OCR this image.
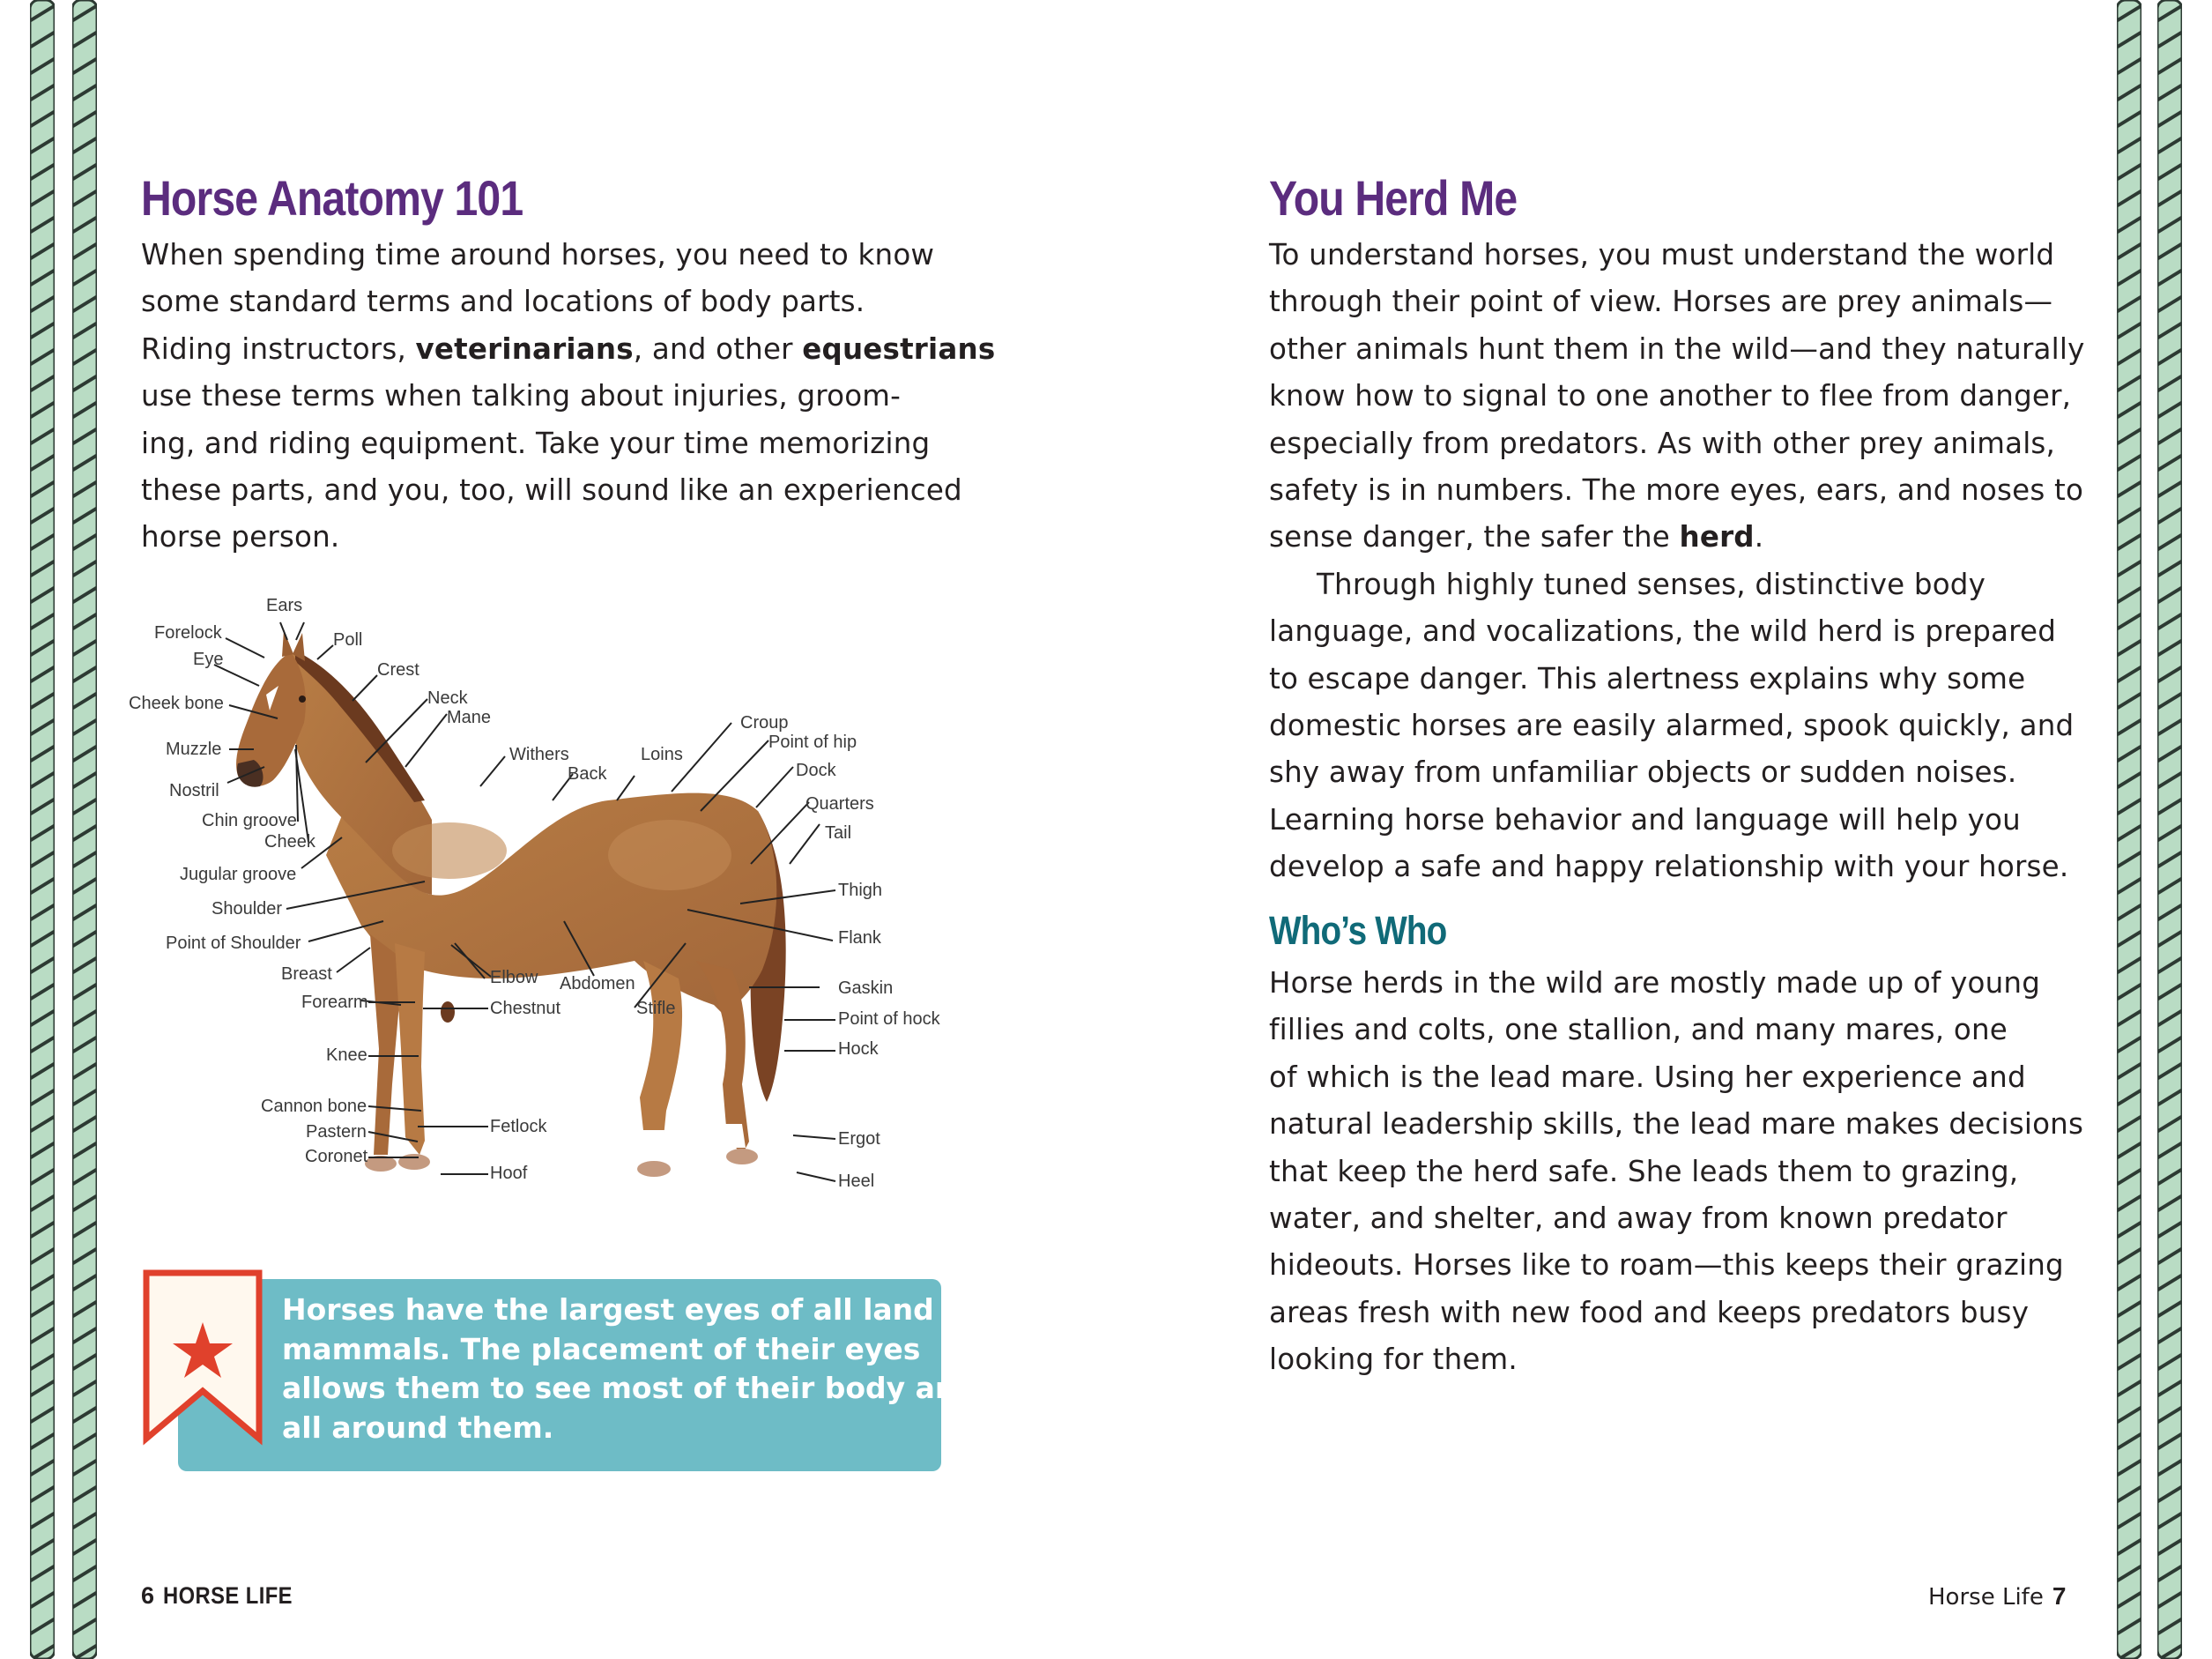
Horse Anatomy 101

When spending time around horses, you need to know
some standard terms and locations of body parts.
Riding instructors, veterinarians, and other equestrians
use these terms when talking about injuries, groom-
ing, and riding equipment. Take your time memorizing
these parts, and you, too, will sound like an experienced
horse person.

Ears
Forelock	Poll
Eye
Crest
Cheek bone	Neck
Mane
Muzzle	Withers
Back
Loins
Croup
Point of hip
Dock
Nostril
Chin groove
Quarters
Cheek	Tail
Jugular groove
Thigh
Shoulder
Point of Shoulder	Flank
Breast	Elbow Abdomen	Gaskin
Forearm	Chestnut	Stifle
Point of hock
Hock
Knee
Cannon bone
Fetlock
Pastern	Ergot
Coronet
Hoof	Heel

Horses have the largest eyes of all land
mammals. The placement of their eyes
allows them to see most of their body and
all around them.

6 HORSE LIFE
You Herd Me

To understand horses, you must understand the world
through their point of view. Horses are prey animals—
other animals hunt them in the wild—and they naturally
know how to signal to one another to flee from danger,
especially from predators. As with other prey animals,
safety is in numbers. The more eyes, ears, and noses to
sense danger, the safer the herd.
Through highly tuned senses, distinctive body
language, and vocalizations, the wild herd is prepared
to escape danger. This alertness explains why some
domestic horses are easily alarmed, spook quickly, and
shy away from unfamiliar objects or sudden noises.
Learning horse behavior and language will help you
develop a safe and happy relationship with your horse.

Who’s Who

Horse herds in the wild are mostly made up of young
fillies and colts, one stallion, and many mares, one
of which is the lead mare. Using her experience and
natural leadership skills, the lead mare makes decisions
that keep the herd safe. She leads them to grazing,
water, and shelter, and away from known predator
hideouts. Horses like to roam—this keeps their grazing
areas fresh with new food and keeps predators busy
looking for them.

Horse Life 7
